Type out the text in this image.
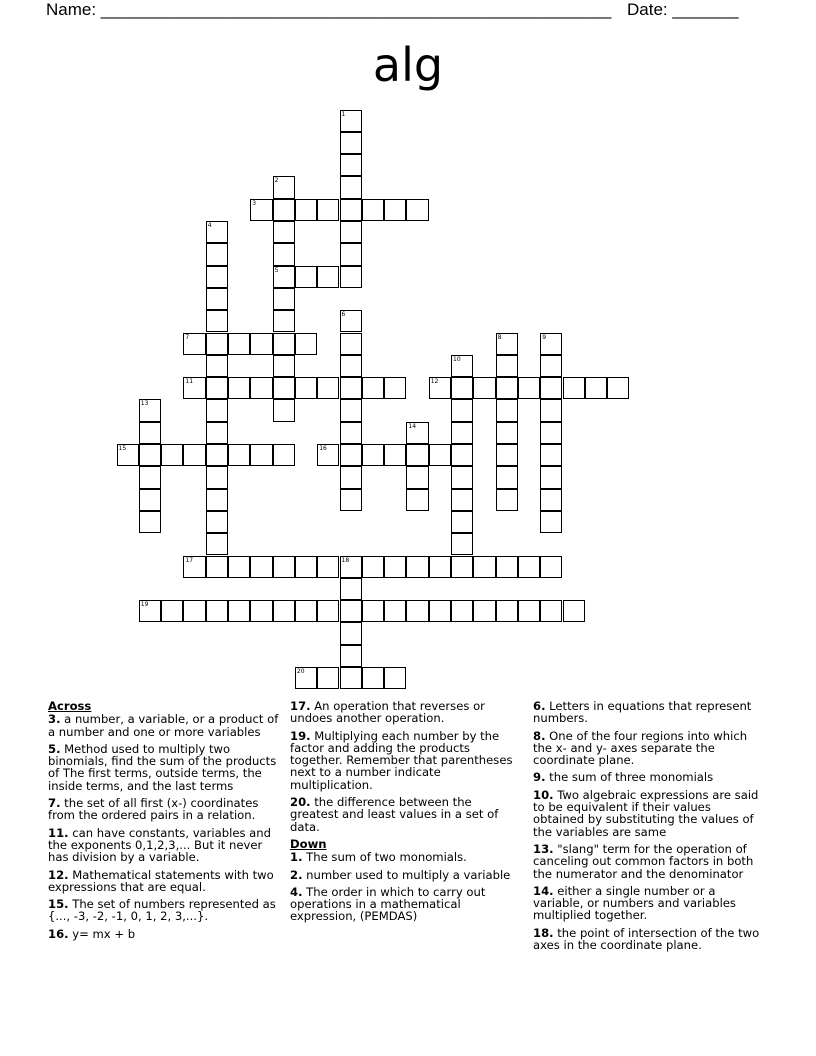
Name: ______________________________________________________ Date: _______
alg
1
2
5
3
4
6
7	8	9
10
11	12
13
14
15	16
17	18
19
20
Across
3. a number, a variable, or a product of a number and one or more variables
5. Method used to multiply two binomials, find the sum of the products of The first terms, outside terms, the inside terms, and the last terms
7. the set of all first (x-) coordinates from the ordered pairs in a relation.
11. can have constants, variables and the exponents 0,1,2,3,... But it never has division by a variable.
12. Mathematical statements with two expressions that are equal.
15. The set of numbers represented as {..., -3, -2, -1, 0, 1, 2, 3,...}.
16. y= mx + b
17. An operation that reverses or undoes another operation.
19. Multiplying each number by the factor and adding the products together. Remember that parentheses next to a number indicate multiplication.
20. the difference between the greatest and least values in a set of data.
Down
1. The sum of two monomials.
2. number used to multiply a variable
4. The order in which to carry out operations in a mathematical expression, (PEMDAS)
6. Letters in equations that represent numbers.
8. One of the four regions into which the x- and y- axes separate the coordinate plane.
9. the sum of three monomials
10. Two algebraic expressions are said to be equivalent if their values obtained by substituting the values of the variables are same
13. "slang" term for the operation of canceling out common factors in both the numerator and the denominator
14. either a single number or a variable, or numbers and variables multiplied together.
18. the point of intersection of the two axes in the coordinate plane.
